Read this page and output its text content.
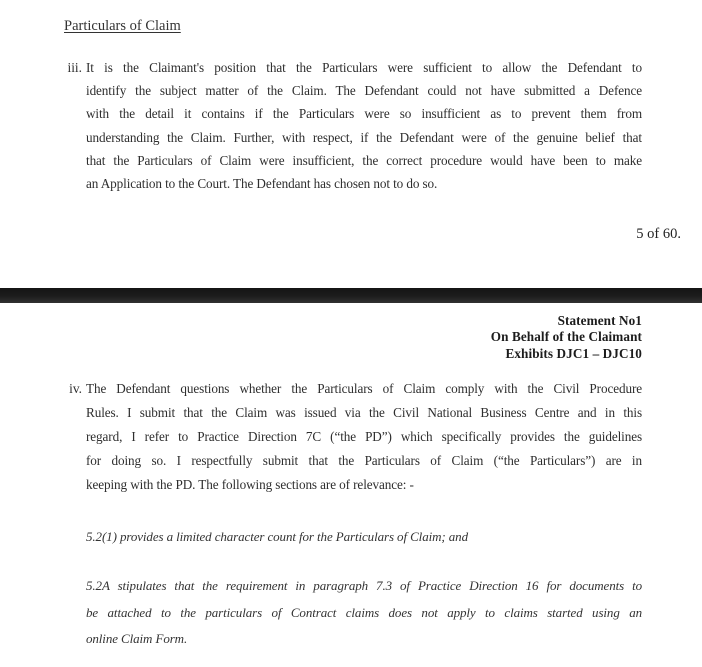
Particulars of Claim
iii. It is the Claimant's position that the Particulars were sufficient to allow the Defendant to
identify the subject matter of the Claim. The Defendant could not have submitted a Defence
with the detail it contains if the Particulars were so insufficient as to prevent them from
understanding the Claim. Further, with respect, if the Defendant were of the genuine belief that
that the Particulars of Claim were insufficient, the correct procedure would have been to make
an Application to the Court. The Defendant has chosen not to do so.
5 of 60.
Statement No1
On Behalf of the Claimant
Exhibits DJC1 – DJC10
iv. The Defendant questions whether the Particulars of Claim comply with the Civil Procedure
Rules. I submit that the Claim was issued via the Civil National Business Centre and in this
regard, I refer to Practice Direction 7C (“the PD”) which specifically provides the guidelines
for doing so. I respectfully submit that the Particulars of Claim (“the Particulars”) are in
keeping with the PD. The following sections are of relevance: -
5.2(1) provides a limited character count for the Particulars of Claim; and
5.2A stipulates that the requirement in paragraph 7.3 of Practice Direction 16 for documents to
be attached to the particulars of Contract claims does not apply to claims started using an
online Claim Form.
